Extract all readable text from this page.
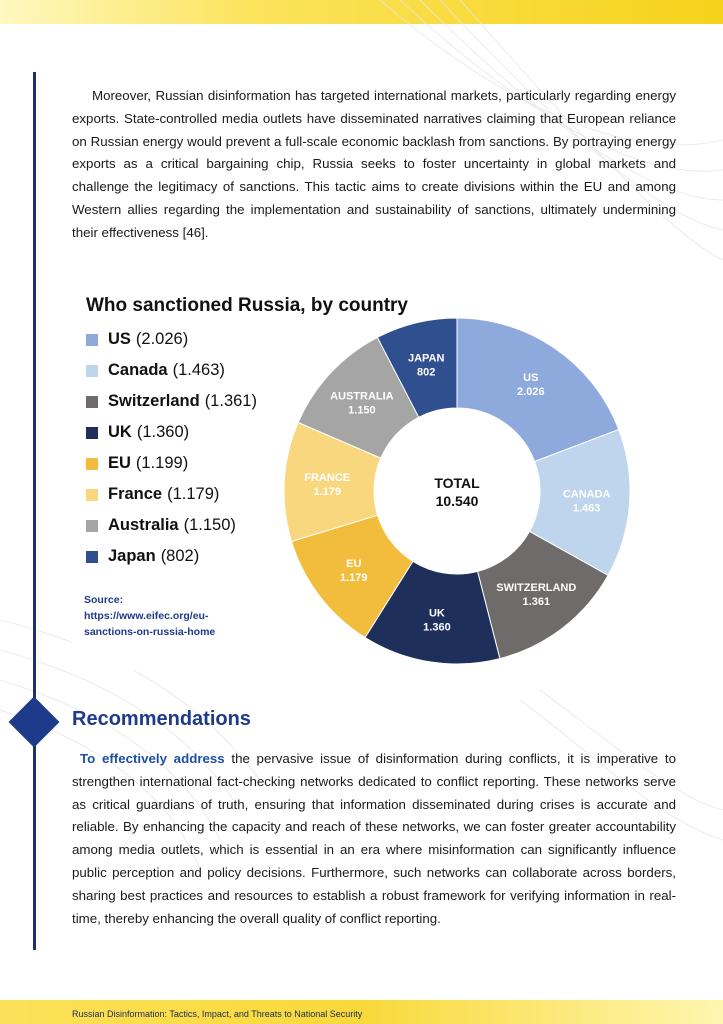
Moreover, Russian disinformation has targeted international markets, particularly regarding energy exports. State-controlled media outlets have disseminated narratives claiming that European reliance on Russian energy would prevent a full-scale economic backlash from sanctions. By portraying energy exports as a critical bargaining chip, Russia seeks to foster uncertainty in global markets and challenge the legitimacy of sanctions. This tactic aims to create divisions within the EU and among Western allies regarding the implementation and sustainability of sanctions, ultimately undermining their effectiveness [46].

Who sanctioned Russia, by country
US (2.026)
Canada (1.463)
Switzerland (1.361)
UK (1.360)
EU (1.199)
France (1.179)
Australia (1.150)
Japan (802)
Source:
https://www.eifec.org/eu-
sanctions-on-russia-home
US
2.026
CANADA
1.463
SWITZERLAND
1.361
UK
1.360
EU
1.179
FRANCE
1.179
AUSTRALIA
1.150
JAPAN
802
TOTAL
10.540
Recommendations

To effectively address the pervasive issue of disinformation during conflicts, it is imperative to strengthen international fact-checking networks dedicated to conflict reporting. These networks serve as critical guardians of truth, ensuring that information disseminated during crises is accurate and reliable. By enhancing the capacity and reach of these networks, we can foster greater accountability among media outlets, which is essential in an era where misinformation can significantly influence public perception and policy decisions. Furthermore, such networks can collaborate across borders, sharing best practices and resources to establish a robust framework for verifying information in real-time, thereby enhancing the overall quality of conflict reporting.

Russian Disinformation: Tactics, Impact, and Threats to National Security
